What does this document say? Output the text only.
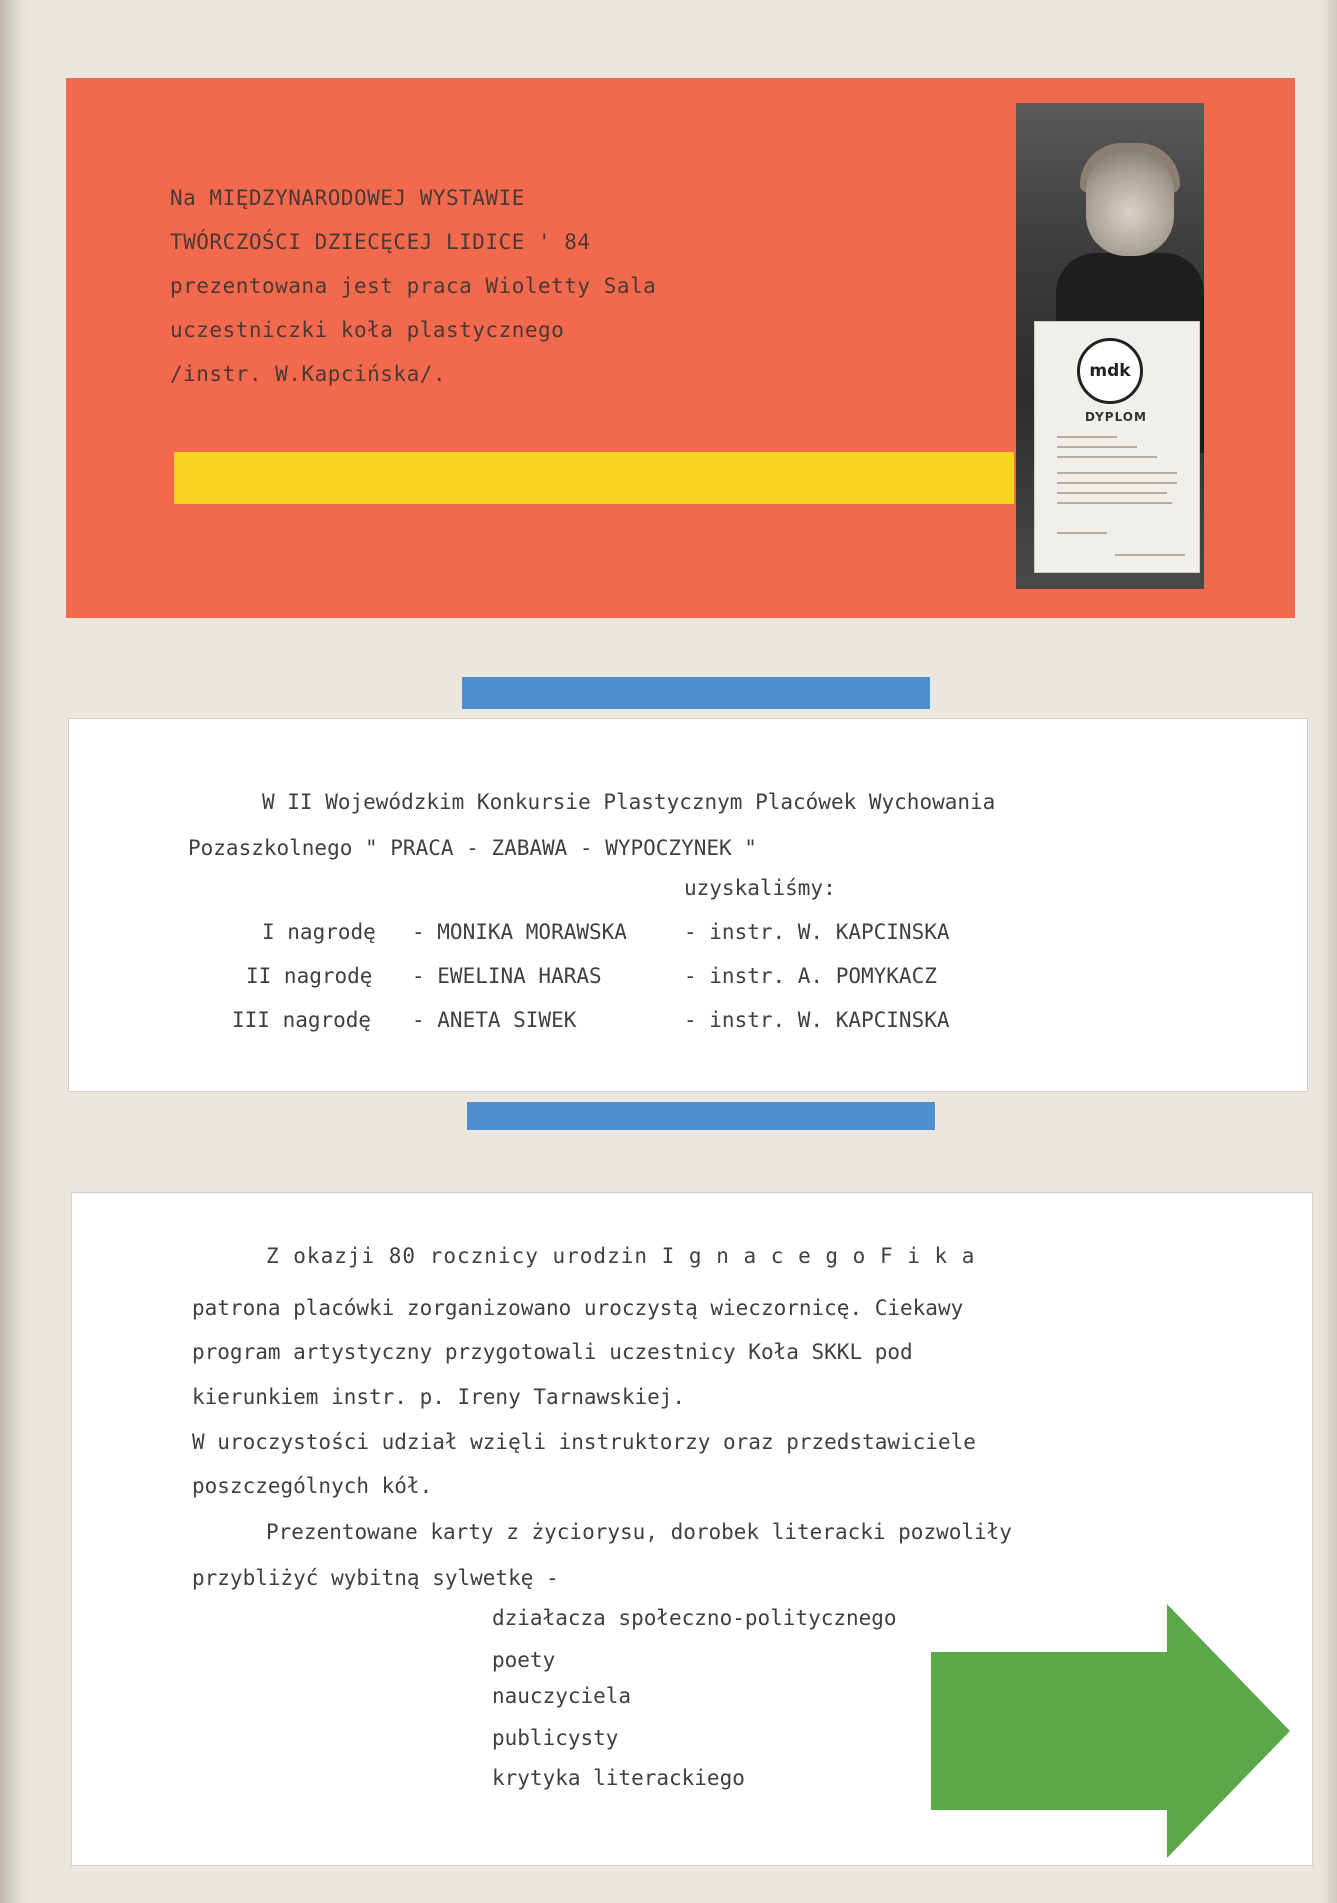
Na MIĘDZYNARODOWEJ WYSTAWIE
TWÓRCZOŚCI DZIECĘCEJ LIDICE ' 84
prezentowana jest praca Wioletty Sala
uczestniczki koła plastycznego
/instr. W.Kapcińska/.	mdk
DYPLOM
W II Wojewódzkim Konkursie Plastycznym Placówek Wychowania
Pozaszkolnego " PRACA - ZABAWA - WYPOCZYNEK "
uzyskaliśmy:
I nagrodę - MONIKA MORAWSKA	- instr. W. KAPCINSKA
II nagrodę - EWELINA HARAS	- instr. A. POMYKACZ
III nagrodę - ANETA SIWEK	- instr. W. KAPCINSKA
Z okazji 80 rocznicy urodzin I g n a c e g o F i k a
patrona placówki zorganizowano uroczystą wieczornicę. Ciekawy
program artystyczny przygotowali uczestnicy Koła SKKL pod
kierunkiem instr. p. Ireny Tarnawskiej.
W uroczystości udział wzięli instruktorzy oraz przedstawiciele
poszczególnych kół.
Prezentowane karty z życiorysu, dorobek literacki pozwoliły
przybliżyć wybitną sylwetkę -
działacza społeczno-politycznego
poety
nauczyciela
publicysty
krytyka literackiego
